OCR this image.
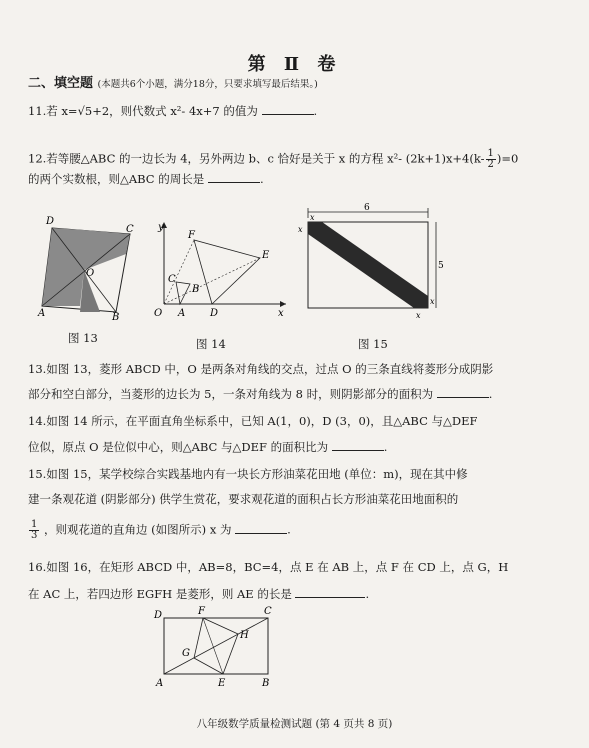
第 Ⅱ 卷
二、填空题 (本题共6个小题，满分18分，只要求填写最后结果。)
11.若 x=√5+2，则代数式 x²- 4x+7 的值为	.
12.若等腰△ABC 的一边长为 4，另外两边 b、c 恰好是关于 x 的方程 x²- $(2k+1)x+4(k- \frac{1}{2} )=0$
的两个实数根，则△ABC 的周长是	.
D
C
O
A	B
图 13
y
x
O A D
B
C
F
E
图 14
6
5
x
x
x
x
图 15
13.如图 13，菱形 ABCD 中，O 是两条对角线的交点，过点 O 的三条直线将菱形分成阴影
部分和空白部分，当菱形的边长为 5，一条对角线为 8 时，则阴影部分的面积为	.
14.如图 14 所示，在平面直角坐标系中，已知 A(1，0)，D (3，0)，且△ABC 与△DEF
位似，原点 O 是位似中心，则△ABC 与△DEF 的面积比为	.
15.如图 15，某学校综合实践基地内有一块长方形油菜花田地 (单位：m)，现在其中修
建一条观花道 (阴影部分) 供学生赏花，要求观花道的面积占长方形油菜花田地面积的
$\frac{1}{3}$ ，则观花道的直角边 (如图所示) x 为	.
16.如图 16，在矩形 ABCD 中，AB=8，BC=4，点 E 在 AB 上，点 F 在 CD 上，点 G，H
在 AC 上，若四边形 EGFH 是菱形，则 AE 的长是	.
D	F	C
H
G
A	E	B
八年级数学质量检测试题 (第 4 页共 8 页)
